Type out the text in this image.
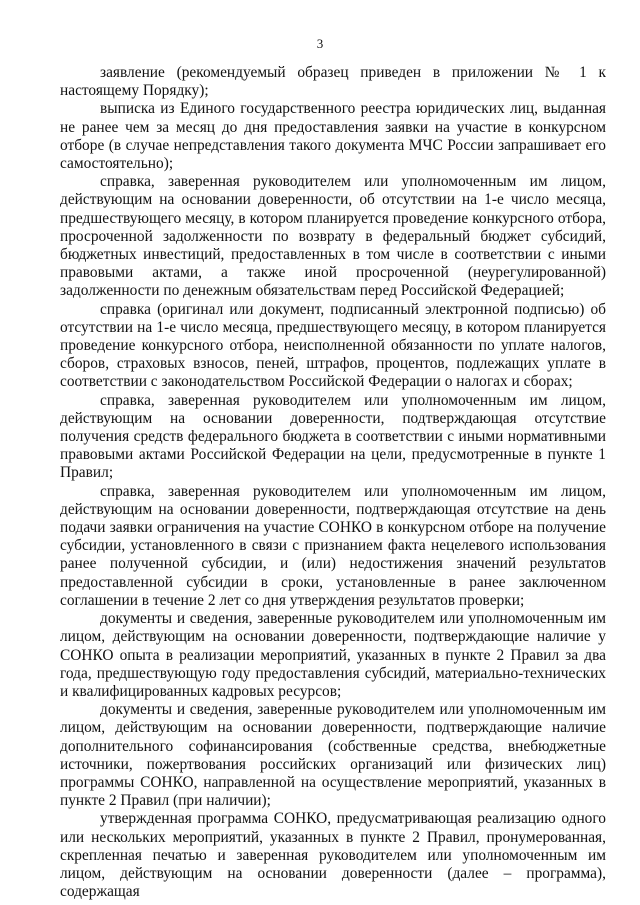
3

заявление (рекомендуемый образец приведен в приложении № 1 к настоящему Порядку);

выписка из Единого государственного реестра юридических лиц, выданная не ранее чем за месяц до дня предоставления заявки на участие в конкурсном отборе (в случае непредставления такого документа МЧС России запрашивает его самостоятельно);

справка, заверенная руководителем или уполномоченным им лицом, действующим на основании доверенности, об отсутствии на 1-е число месяца, предшествующего месяцу, в котором планируется проведение конкурсного отбора, просроченной задолженности по возврату в федеральный бюджет субсидий, бюджетных инвестиций, предоставленных в том числе в соответствии с иными правовыми актами, а также иной просроченной (неурегулированной) задолженности по денежным обязательствам перед Российской Федерацией;

справка (оригинал или документ, подписанный электронной подписью) об отсутствии на 1-е число месяца, предшествующего месяцу, в котором планируется проведение конкурсного отбора, неисполненной обязанности по уплате налогов, сборов, страховых взносов, пеней, штрафов, процентов, подлежащих уплате в соответствии с законодательством Российской Федерации о налогах и сборах;

справка, заверенная руководителем или уполномоченным им лицом, действующим на основании доверенности, подтверждающая отсутствие получения средств федерального бюджета в соответствии с иными нормативными правовыми актами Российской Федерации на цели, предусмотренные в пункте 1 Правил;

справка, заверенная руководителем или уполномоченным им лицом, действующим на основании доверенности, подтверждающая отсутствие на день подачи заявки ограничения на участие СОНКО в конкурсном отборе на получение субсидии, установленного в связи с признанием факта нецелевого использования ранее полученной субсидии, и (или) недостижения значений результатов предоставленной субсидии в сроки, установленные в ранее заключенном соглашении в течение 2 лет со дня утверждения результатов проверки;

документы и сведения, заверенные руководителем или уполномоченным им лицом, действующим на основании доверенности, подтверждающие наличие у СОНКО опыта в реализации мероприятий, указанных в пункте 2 Правил за два года, предшествующую году предоставления субсидий, материально-технических и квалифицированных кадровых ресурсов;

документы и сведения, заверенные руководителем или уполномоченным им лицом, действующим на основании доверенности, подтверждающие наличие дополнительного софинансирования (собственные средства, внебюджетные источники, пожертвования российских организаций или физических лиц) программы СОНКО, направленной на осуществление мероприятий, указанных в пункте 2 Правил (при наличии);

утвержденная программа СОНКО, предусматривающая реализацию одного или нескольких мероприятий, указанных в пункте 2 Правил, пронумерованная, скрепленная печатью и заверенная руководителем или уполномоченным им лицом, действующим на основании доверенности (далее – программа), содержащая
